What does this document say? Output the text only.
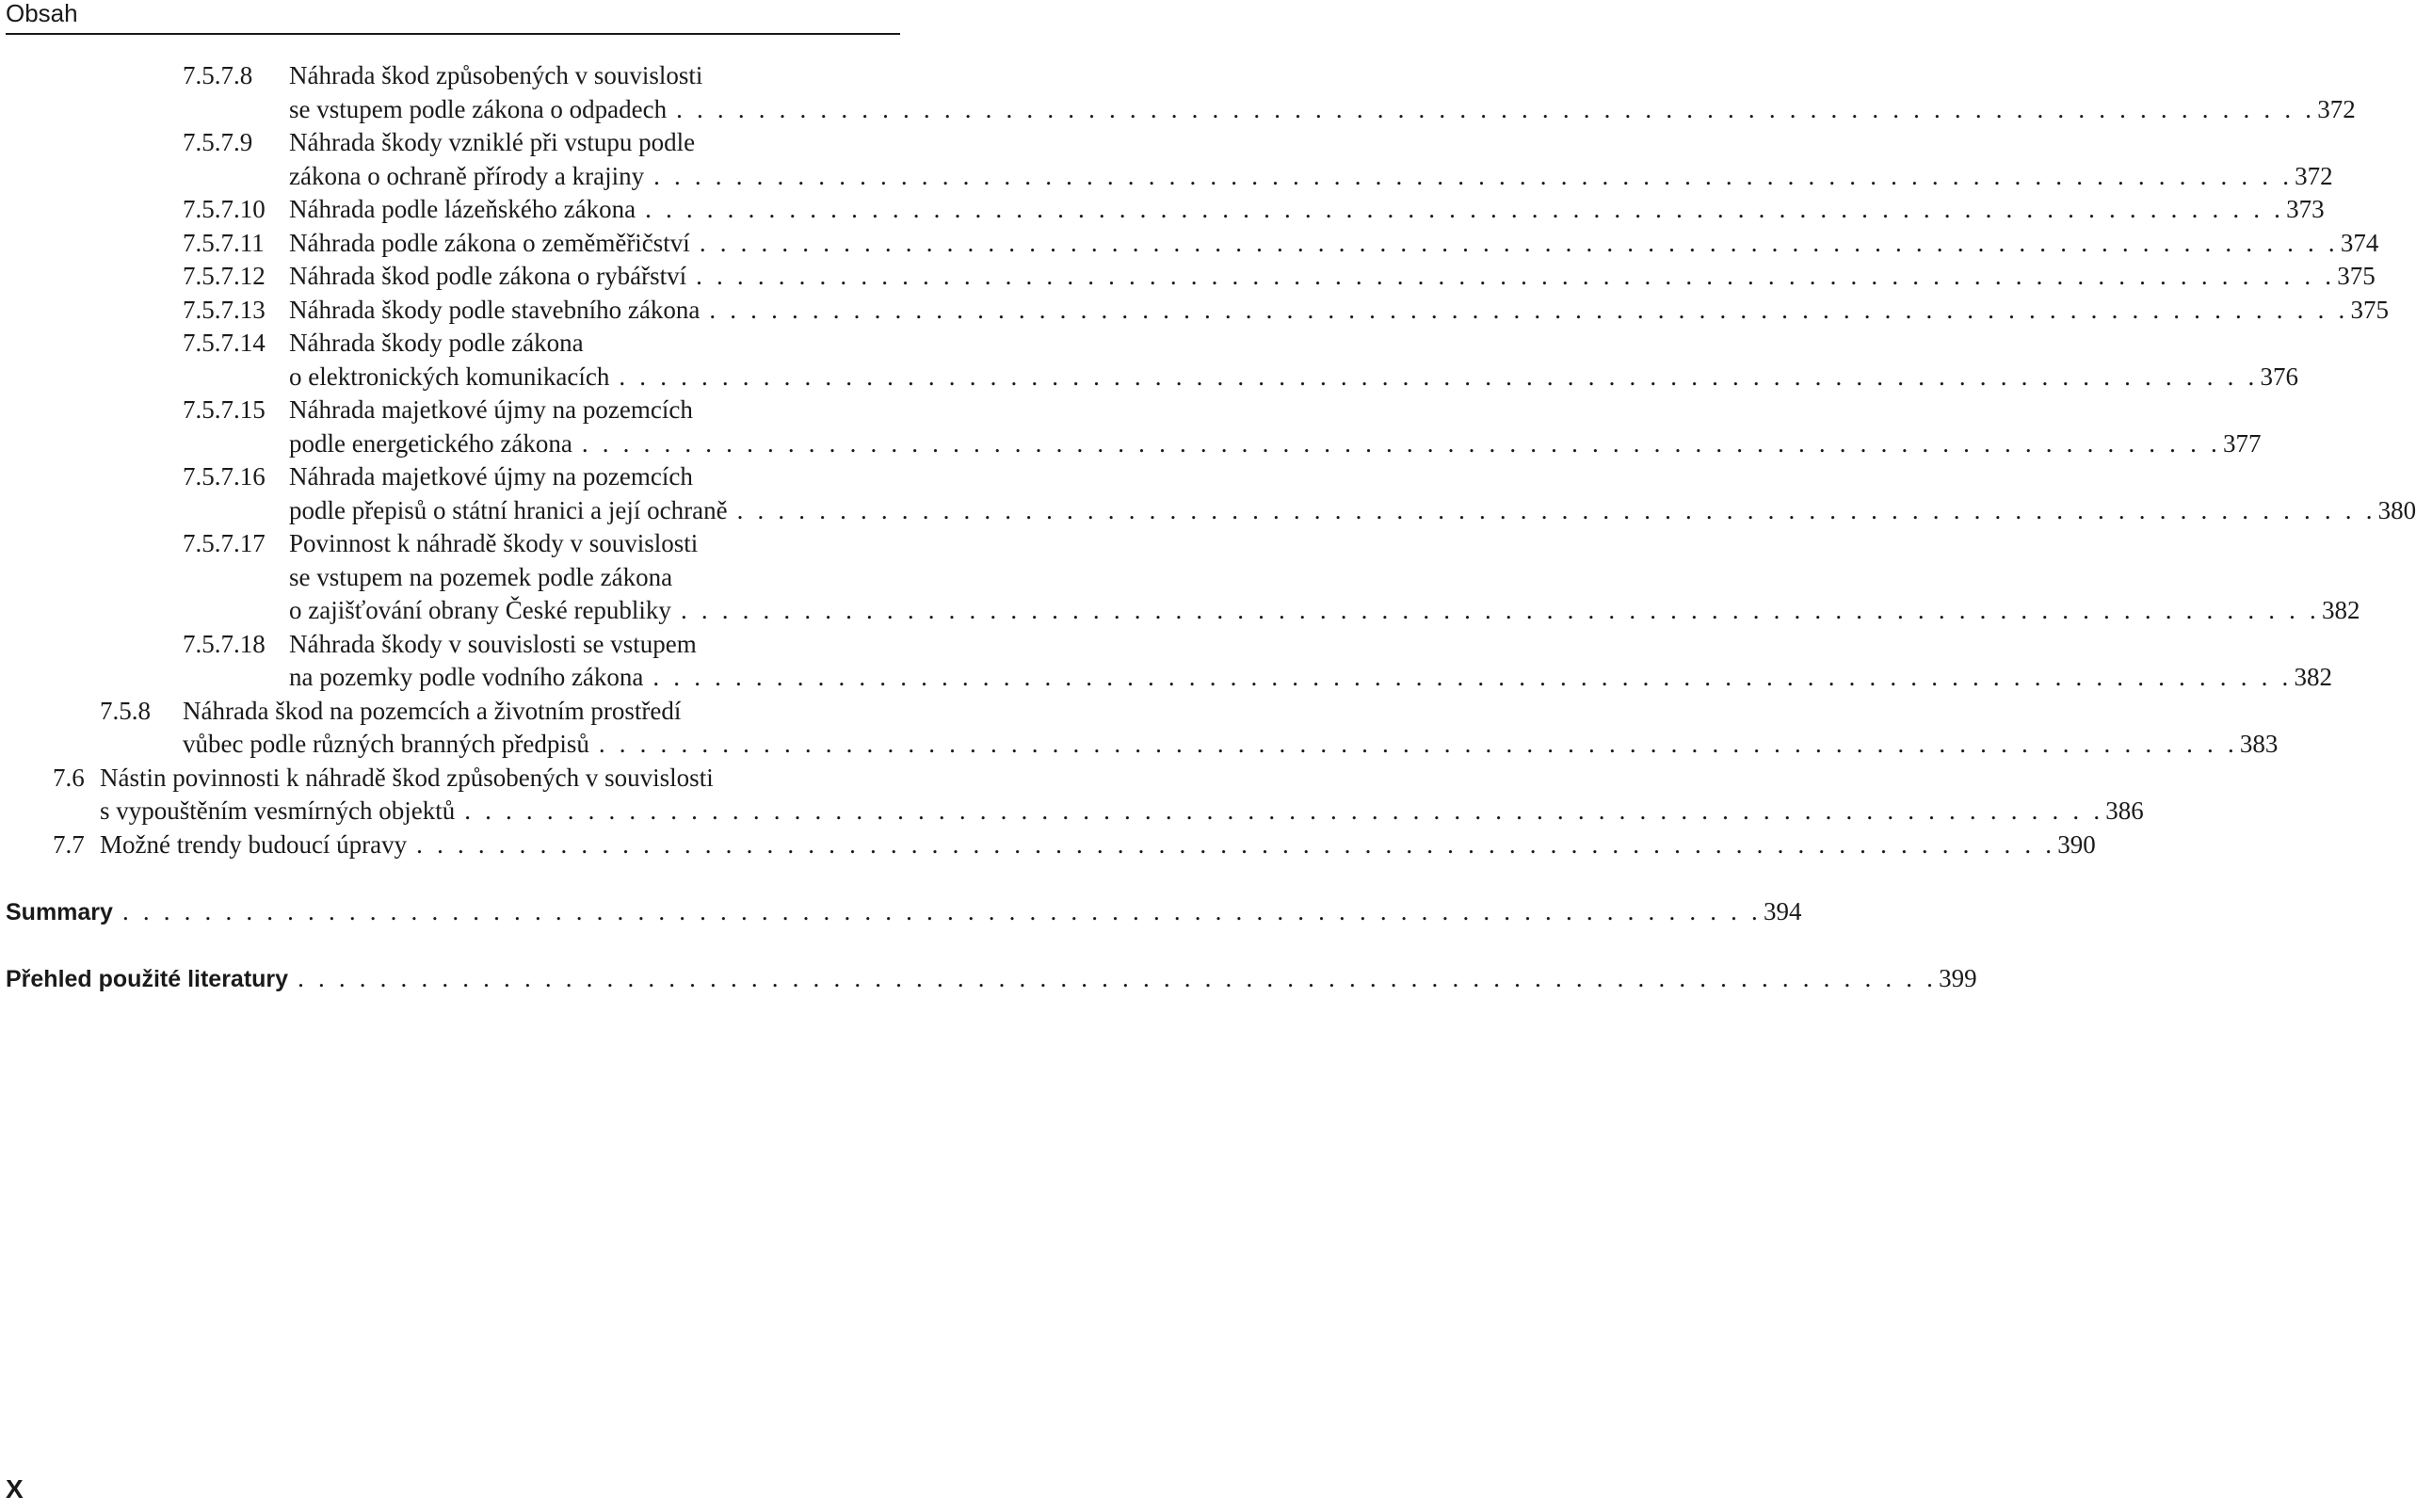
Obsah
7.5.7.8 Náhrada škod způsobených v souvislosti
se vstupem podle zákona o odpadech . . . . . . . . . . . . . . . . . . . . . . . . . . . . . . . . . . . . . . . . . . . . . . . . . . . . . . . . . . . . . . . . . . . . . . . . . . . . . . . . 372
7.5.7.9 Náhrada škody vzniklé při vstupu podle
zákona o ochraně přírody a krajiny . . . . . . . . . . . . . . . . . . . . . . . . . . . . . . . . . . . . . . . . . . . . . . . . . . . . . . . . . . . . . . . . . . . . . . . . . . . . . . . . 372
7.5.7.10 Náhrada podle lázeňského zákona . . . . . . . . . . . . . . . . . . . . . . . . . . . . . . . . . . . . . . . . . . . . . . . . . . . . . . . . . . . . . . . . . . . . . . . . . . . . . . . . 373
7.5.7.11 Náhrada podle zákona o zeměměřičství . . . . . . . . . . . . . . . . . . . . . . . . . . . . . . . . . . . . . . . . . . . . . . . . . . . . . . . . . . . . . . . . . . . . . . . . . . . . . . . . 374
7.5.7.12 Náhrada škod podle zákona o rybářství . . . . . . . . . . . . . . . . . . . . . . . . . . . . . . . . . . . . . . . . . . . . . . . . . . . . . . . . . . . . . . . . . . . . . . . . . . . . . . . . 375
7.5.7.13 Náhrada škody podle stavebního zákona . . . . . . . . . . . . . . . . . . . . . . . . . . . . . . . . . . . . . . . . . . . . . . . . . . . . . . . . . . . . . . . . . . . . . . . . . . . . . . . . 375
7.5.7.14 Náhrada škody podle zákona
o elektronických komunikacích . . . . . . . . . . . . . . . . . . . . . . . . . . . . . . . . . . . . . . . . . . . . . . . . . . . . . . . . . . . . . . . . . . . . . . . . . . . . . . . . 376
7.5.7.15 Náhrada majetkové újmy na pozemcích
podle energetického zákona . . . . . . . . . . . . . . . . . . . . . . . . . . . . . . . . . . . . . . . . . . . . . . . . . . . . . . . . . . . . . . . . . . . . . . . . . . . . . . . . 377
7.5.7.16 Náhrada majetkové újmy na pozemcích
podle přepisů o státní hranici a její ochraně . . . . . . . . . . . . . . . . . . . . . . . . . . . . . . . . . . . . . . . . . . . . . . . . . . . . . . . . . . . . . . . . . . . . . . . . . . . . . . . . 380
7.5.7.17 Povinnost k náhradě škody v souvislosti
se vstupem na pozemek podle zákona
o zajišťování obrany České republiky . . . . . . . . . . . . . . . . . . . . . . . . . . . . . . . . . . . . . . . . . . . . . . . . . . . . . . . . . . . . . . . . . . . . . . . . . . . . . . . . 382
7.5.7.18 Náhrada škody v souvislosti se vstupem
na pozemky podle vodního zákona . . . . . . . . . . . . . . . . . . . . . . . . . . . . . . . . . . . . . . . . . . . . . . . . . . . . . . . . . . . . . . . . . . . . . . . . . . . . . . . . 382
7.5.8 Náhrada škod na pozemcích a životním prostředí
vůbec podle různých branných předpisů . . . . . . . . . . . . . . . . . . . . . . . . . . . . . . . . . . . . . . . . . . . . . . . . . . . . . . . . . . . . . . . . . . . . . . . . . . . . . . . . 383
7.6 Nástin povinnosti k náhradě škod způsobených v souvislosti
s vypouštěním vesmírných objektů . . . . . . . . . . . . . . . . . . . . . . . . . . . . . . . . . . . . . . . . . . . . . . . . . . . . . . . . . . . . . . . . . . . . . . . . . . . . . . . . 386
7.7 Možné trendy budoucí úpravy . . . . . . . . . . . . . . . . . . . . . . . . . . . . . . . . . . . . . . . . . . . . . . . . . . . . . . . . . . . . . . . . . . . . . . . . . . . . . . . . 390
Summary . . . . . . . . . . . . . . . . . . . . . . . . . . . . . . . . . . . . . . . . . . . . . . . . . . . . . . . . . . . . . . . . . . . . . . . . . . . . . . . . 394
Přehled použité literatury . . . . . . . . . . . . . . . . . . . . . . . . . . . . . . . . . . . . . . . . . . . . . . . . . . . . . . . . . . . . . . . . . . . . . . . . . . . . . . . . 399
X
